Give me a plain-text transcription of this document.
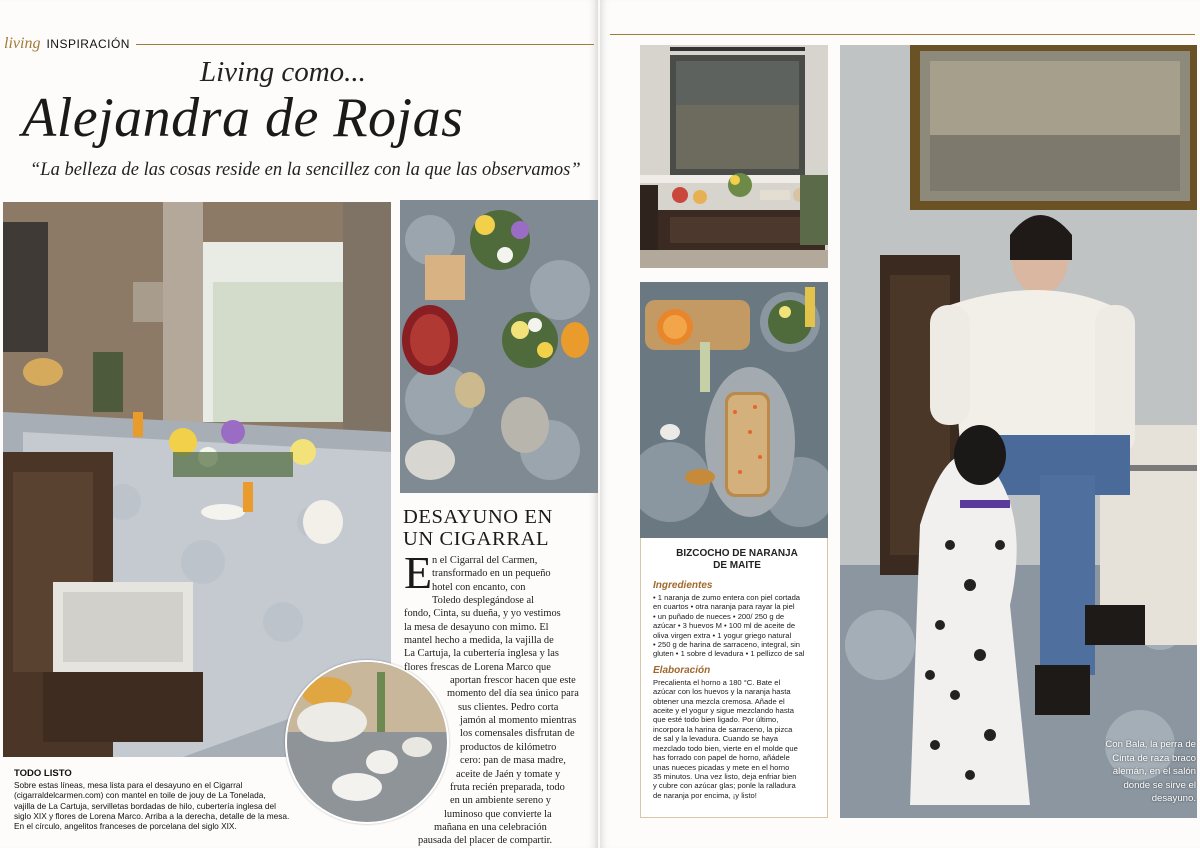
living INSPIRACIÓN
Living como...
Alejandra de Rojas
“La belleza de las cosas reside en la sencillez con la que las observamos”
TODO LISTO
Sobre estas líneas, mesa lista para el desayuno en el Cigarral
(cigarraldelcarmen.com) con mantel en toile de jouy de La Tonelada,
vajilla de La Cartuja, servilletas bordadas de hilo, cubertería inglesa del
siglo XIX y flores de Lorena Marco. Arriba a la derecha, detalle de la mesa.
En el círculo, angelitos franceses de porcelana del siglo XIX.
DESAYUNO EN
UN CIGARRAL
E n el Cigarral del Carmen,
transformado en un pequeño
hotel con encanto, con
Toledo desplegándose al
fondo, Cinta, su dueña, y yo vestimos
la mesa de desayuno con mimo. El
mantel hecho a medida, la vajilla de
La Cartuja, la cubertería inglesa y las
flores frescas de Lorena Marco que
aportan frescor hacen que este
momento del día sea único para
sus clientes. Pedro corta
jamón al momento mientras
los comensales disfrutan de
productos de kilómetro
cero: pan de masa madre,
aceite de Jaén y tomate y
fruta recién preparada, todo
en un ambiente sereno y
luminoso que convierte la
mañana en una celebración
pausada del placer de compartir.
BIZCOCHO DE NARANJA
DE MAITE
Ingredientes
• 1 naranja de zumo entera con piel cortada
en cuartos • otra naranja para rayar la piel
• un puñado de nueces • 200/ 250 g de
azúcar • 3 huevos M • 100 ml de aceite de
oliva virgen extra • 1 yogur griego natural
• 250 g de harina de sarraceno, integral, sin
gluten • 1 sobre d levadura • 1 pellizco de sal
Elaboración
Precalienta el horno a 180 °C. Bate el
azúcar con los huevos y la naranja hasta
obtener una mezcla cremosa. Añade el
aceite y el yogur y sigue mezclando hasta
que esté todo bien ligado. Por último,
incorpora la harina de sarraceno, la pizca
de sal y la levadura. Cuando se haya
mezclado todo bien, vierte en el molde que
has forrado con papel de horno, añádele
unas nueces picadas y mete en el horno
35 minutos. Una vez listo, deja enfriar bien
y cubre con azúcar glas; ponle la ralladura
de naranja por encima, ¡y listo!
Con Bala, la perra de
Cinta de raza braco
alemán, en el salón
donde se sirve el
desayuno.
